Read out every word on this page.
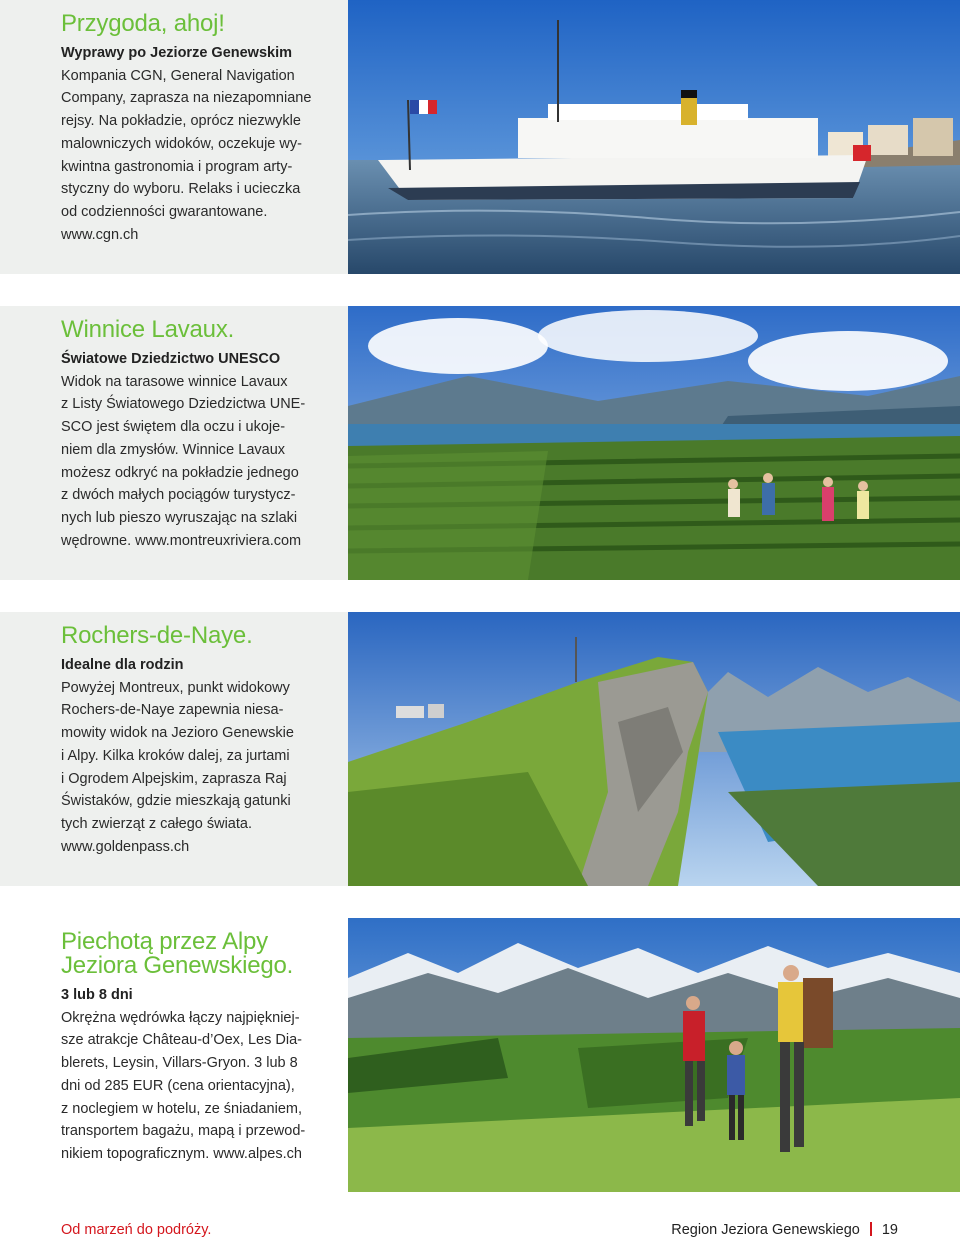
Przygoda, ahoj!

Wyprawy po Jeziorze Genewskim

Kompania CGN, General Navigation
Company, zaprasza na niezapomniane
rejsy. Na pokładzie, oprócz niezwykle
malowniczych widoków, oczekuje wy-
kwintna gastronomia i program arty-
styczny do wyboru. Relaks i ucieczka
od codzienności gwarantowane.
www.cgn.ch

Winnice Lavaux.

Światowe Dziedzictwo UNESCO

Widok na tarasowe winnice Lavaux
z Listy Światowego Dziedzictwa UNE-
SCO jest świętem dla oczu i ukoje-
niem dla zmysłów. Winnice Lavaux
możesz odkryć na pokładzie jednego
z dwóch małych pociągów turystycz-
nych lub pieszo wyruszając na szlaki
wędrowne. www.montreuxriviera.com

Rochers-de-Naye.

Idealne dla rodzin

Powyżej Montreux, punkt widokowy
Rochers-de-Naye zapewnia niesa-
mowity widok na Jezioro Genewskie
i Alpy. Kilka kroków dalej, za jurtami
i Ogrodem Alpejskim, zaprasza Raj
Świstaków, gdzie mieszkają gatunki
tych zwierząt z całego świata.
www.goldenpass.ch

Piechotą przez Alpy
Jeziora Genewskiego.

3 lub 8 dni

Okrężna wędrówka łączy najpiękniej-
sze atrakcje Château-d’Oex, Les Dia-
blerets, Leysin, Villars-Gryon. 3 lub 8
dni od 285 EUR (cena orientacyjna),
z noclegiem w hotelu, ze śniadaniem,
transportem bagażu, mapą i przewod-
nikiem topograficznym. www.alpes.ch

Od marzeń do podróży.	Region Jeziora Genewskiego 19
